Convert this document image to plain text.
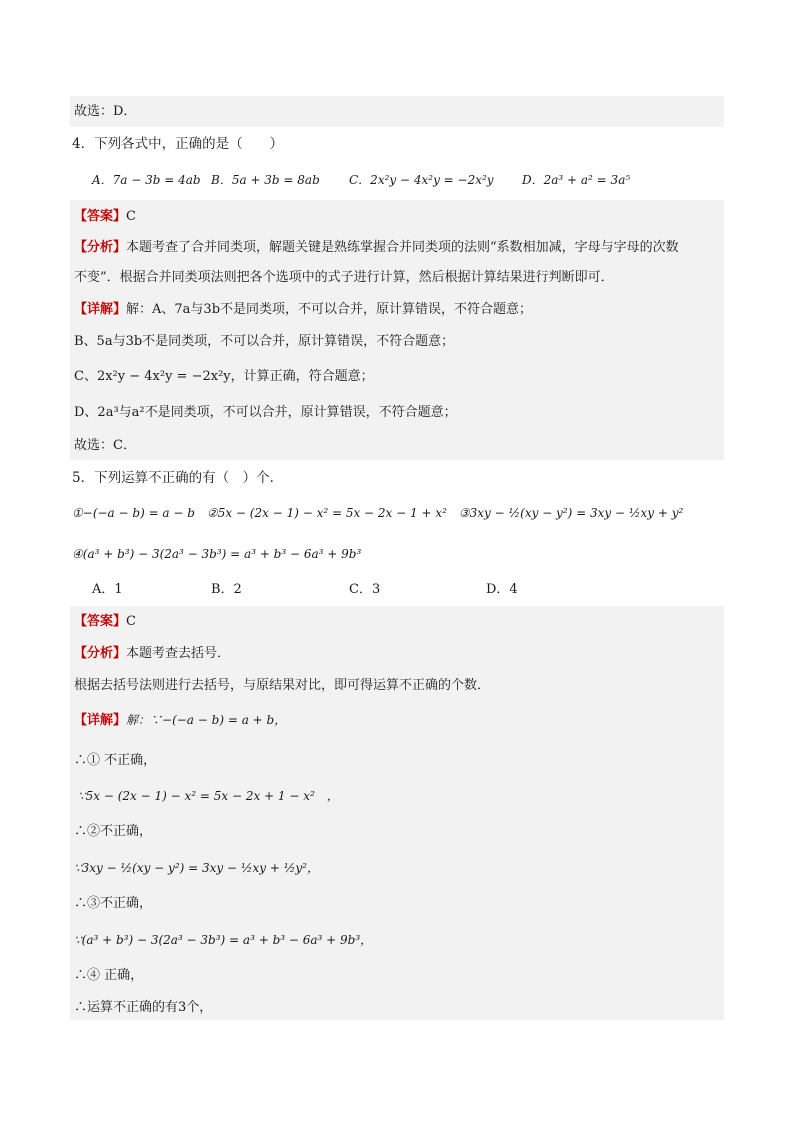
故选：D．
4．下列各式中，正确的是（　　）
A．7a − 3b = 4ab B．5a + 3b = 8ab C．2x²y − 4x²y = −2x²y D．2a³ + a² = 3a⁵
【答案】C
【分析】本题考查了合并同类项，解题关键是熟练掌握合并同类项的法则“系数相加减，字母与字母的次数
不变”．根据合并同类项法则把各个选项中的式子进行计算，然后根据计算结果进行判断即可．
【详解】解：A、7a与3b不是同类项，不可以合并，原计算错误，不符合题意；
B、5a与3b不是同类项，不可以合并，原计算错误，不符合题意；
C、2x²y − 4x²y = −2x²y，计算正确，符合题意；
D、2a³与a²不是同类项，不可以合并，原计算错误，不符合题意；
故选：C．
5．下列运算不正确的有（　）个．
①−(−a − b) = a − b　②5x − (2x − 1) − x² = 5x − 2x − 1 + x²　③3xy − ½(xy − y²) = 3xy − ½xy + y²
④(a³ + b³) − 3(2a³ − 3b³) = a³ + b³ − 6a³ + 9b³
A．1	B．2	C．3	D．4
【答案】C
【分析】本题考查去括号．
根据去括号法则进行去括号，与原结果对比，即可得运算不正确的个数．
【详解】解：∵−(−a − b) = a + b，
∴① 不正确，
∵5x − (2x − 1) − x² = 5x − 2x + 1 − x²　，
∴②不正确，
∵3xy − ½(xy − y²) = 3xy − ½xy + ½y²，
∴③不正确，
∵(a³ + b³) − 3(2a³ − 3b³) = a³ + b³ − 6a³ + 9b³，
∴④ 正确，
∴运算不正确的有3个，
